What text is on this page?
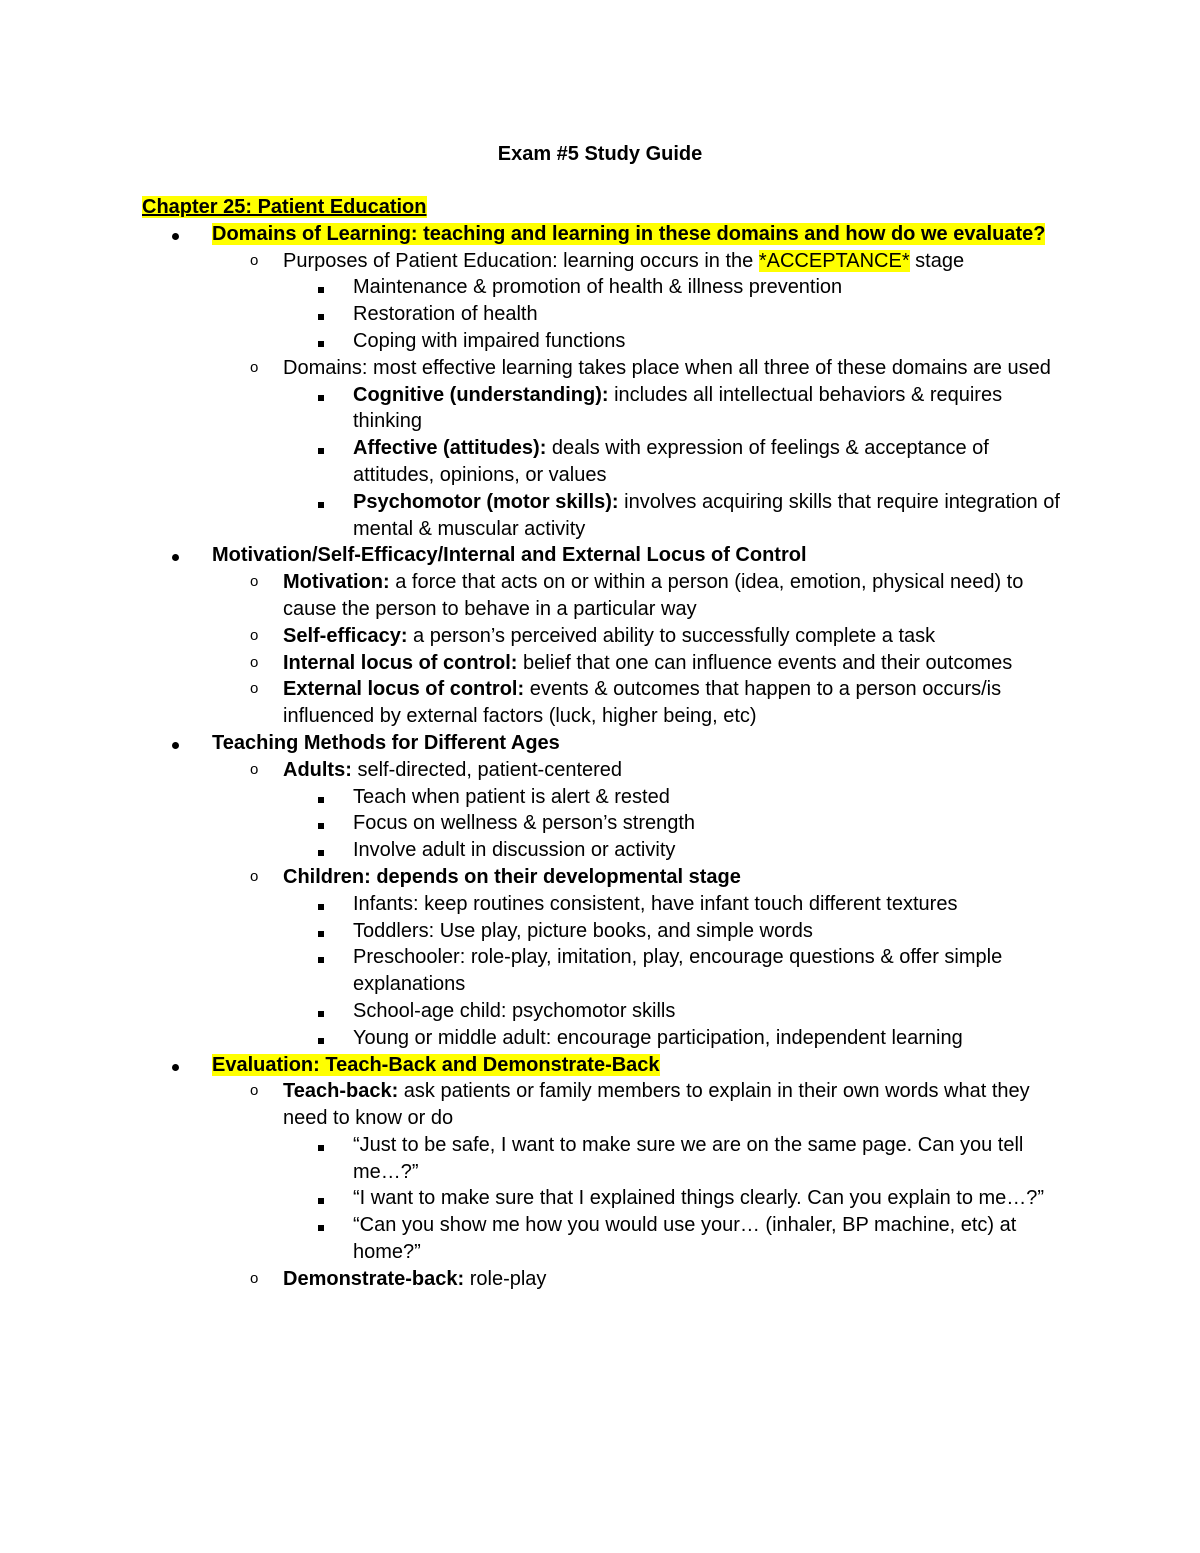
Exam #5 Study Guide

Chapter 25: Patient Education

Domains of Learning: teaching and learning in these domains and how do we evaluate?
o Purposes of Patient Education: learning occurs in the *ACCEPTANCE* stage
Maintenance & promotion of health & illness prevention
Restoration of health
Coping with impaired functions
o Domains: most effective learning takes place when all three of these domains are used
Cognitive (understanding): includes all intellectual behaviors & requires thinking
Affective (attitudes): deals with expression of feelings & acceptance of attitudes, opinions, or values
Psychomotor (motor skills): involves acquiring skills that require integration of mental & muscular activity
Motivation/Self-Efficacy/Internal and External Locus of Control
o Motivation: a force that acts on or within a person (idea, emotion, physical need) to cause the person to behave in a particular way
o Self-efficacy: a person’s perceived ability to successfully complete a task
o Internal locus of control: belief that one can influence events and their outcomes
o External locus of control: events & outcomes that happen to a person occurs/is influenced by external factors (luck, higher being, etc)
Teaching Methods for Different Ages
o Adults: self-directed, patient-centered
Teach when patient is alert & rested
Focus on wellness & person’s strength
Involve adult in discussion or activity
o Children: depends on their developmental stage
Infants: keep routines consistent, have infant touch different textures
Toddlers: Use play, picture books, and simple words
Preschooler: role-play, imitation, play, encourage questions & offer simple explanations
School-age child: psychomotor skills
Young or middle adult: encourage participation, independent learning
Evaluation: Teach-Back and Demonstrate-Back
o Teach-back: ask patients or family members to explain in their own words what they need to know or do
“Just to be safe, I want to make sure we are on the same page. Can you tell me…?”
“I want to make sure that I explained things clearly. Can you explain to me…?”
“Can you show me how you would use your… (inhaler, BP machine, etc) at home?”
o Demonstrate-back: role-play
